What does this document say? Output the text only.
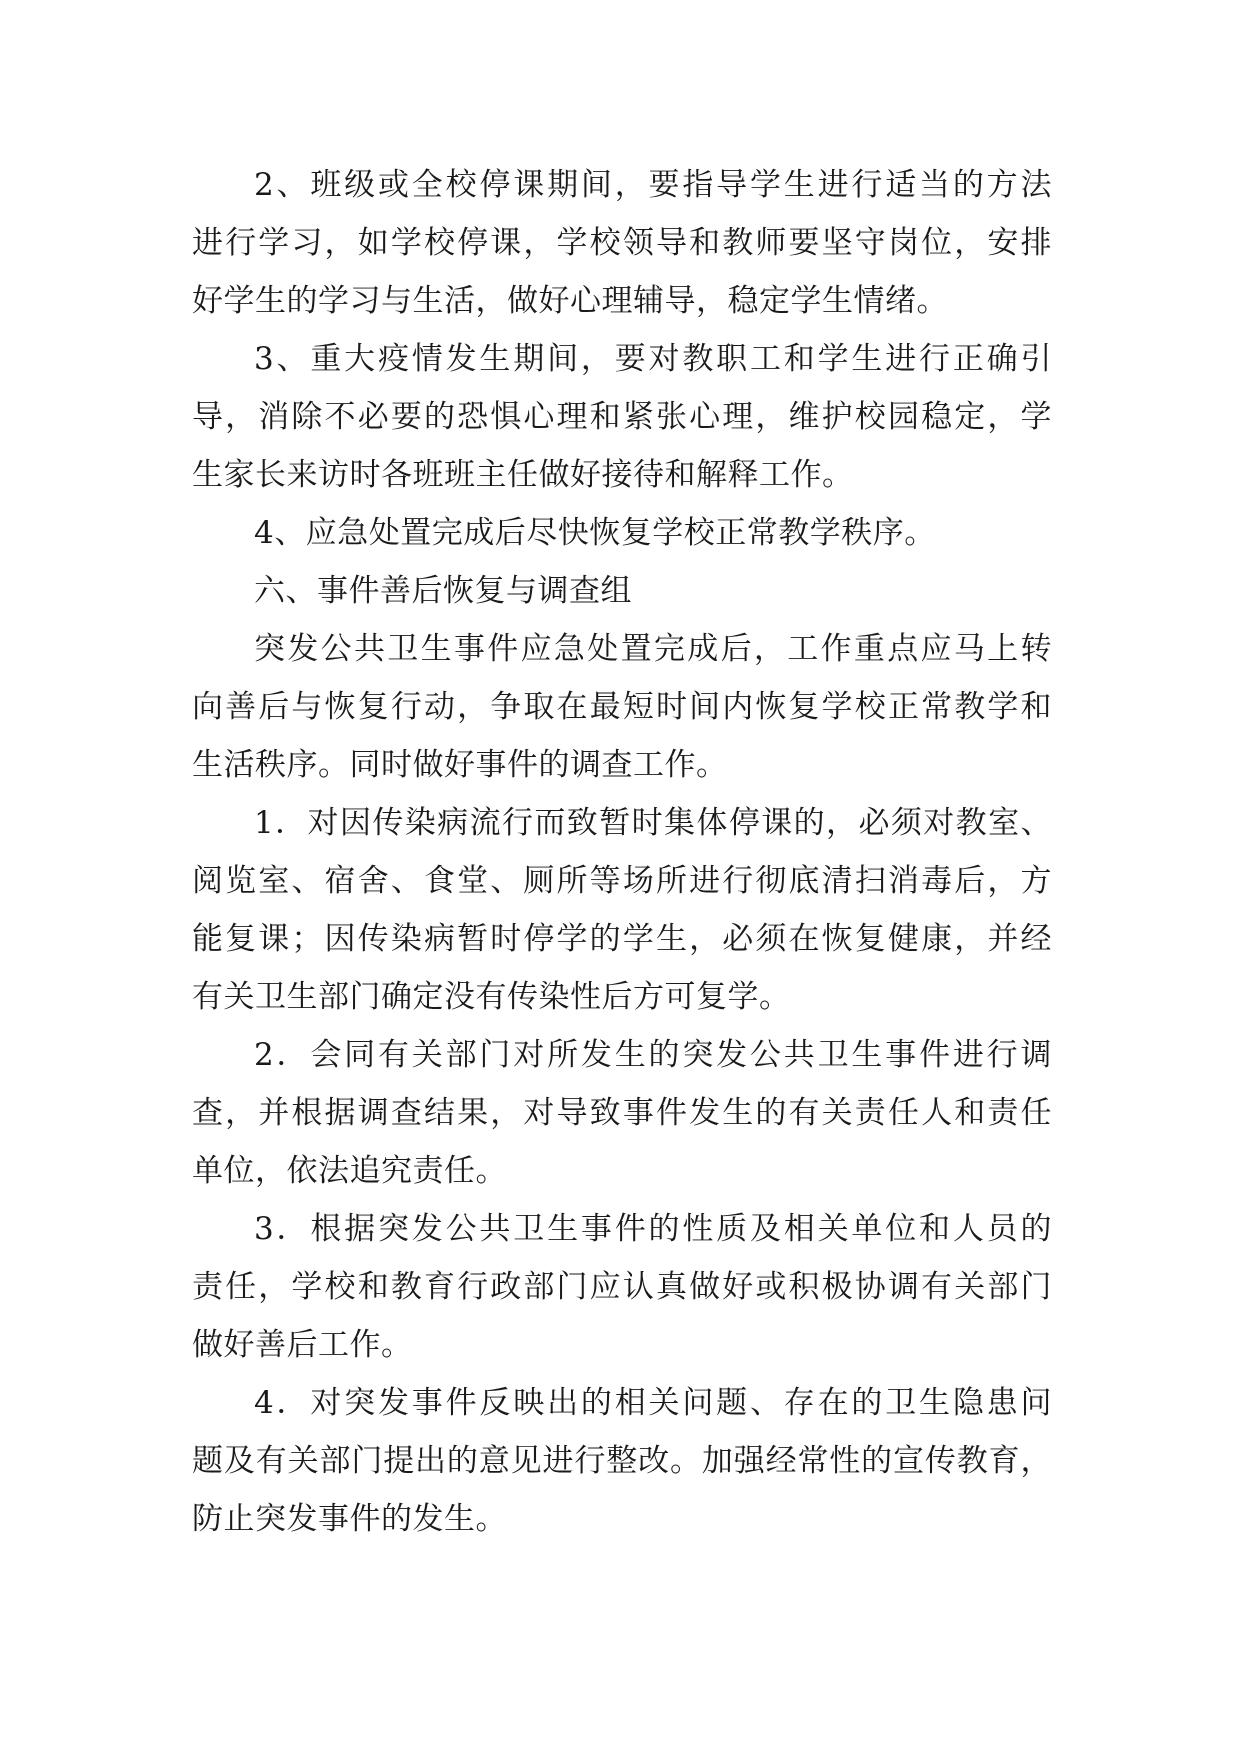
2、班级或全校停课期间，要指导学生进行适当的方法
进行学习，如学校停课，学校领导和教师要坚守岗位，安排
好学生的学习与生活，做好心理辅导，稳定学生情绪。
3、重大疫情发生期间，要对教职工和学生进行正确引
导，消除不必要的恐惧心理和紧张心理，维护校园稳定，学
生家长来访时各班班主任做好接待和解释工作。
4、应急处置完成后尽快恢复学校正常教学秩序。
六、事件善后恢复与调查组
突发公共卫生事件应急处置完成后，工作重点应马上转
向善后与恢复行动，争取在最短时间内恢复学校正常教学和
生活秩序。同时做好事件的调查工作。
1．对因传染病流行而致暂时集体停课的，必须对教室、
阅览室、宿舍、食堂、厕所等场所进行彻底清扫消毒后，方
能复课；因传染病暂时停学的学生，必须在恢复健康，并经
有关卫生部门确定没有传染性后方可复学。
2．会同有关部门对所发生的突发公共卫生事件进行调
查，并根据调查结果，对导致事件发生的有关责任人和责任
单位，依法追究责任。
3．根据突发公共卫生事件的性质及相关单位和人员的
责任，学校和教育行政部门应认真做好或积极协调有关部门
做好善后工作。
4．对突发事件反映出的相关问题、存在的卫生隐患问
题及有关部门提出的意见进行整改。加强经常性的宣传教育，
防止突发事件的发生。
